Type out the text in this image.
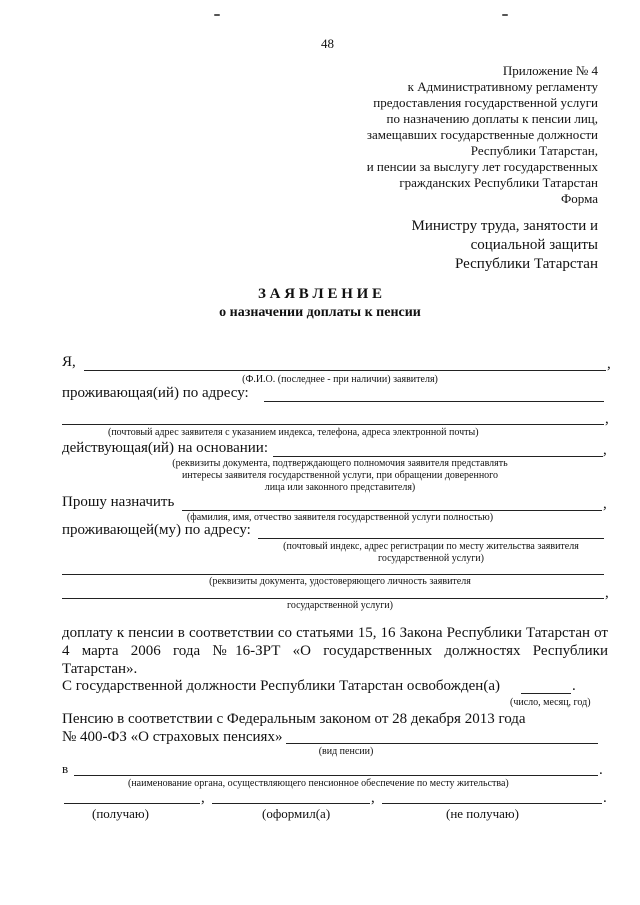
48
Приложение № 4
к Административному регламенту
предоставления государственной услуги
по назначению доплаты к пенсии лиц,
замещавших государственные должности
Республики Татарстан,
и пенсии за выслугу лет государственных
гражданских Республики Татарстан
Форма
Министру труда, занятости и
социальной защиты
Республики Татарстан
З А Я В Л Е Н И Е
о назначении доплаты к пенсии
Я,	,
(Ф.И.О. (последнее - при наличии) заявителя)
проживающая(ий) по адресу:
,
(почтовый адрес заявителя с указанием индекса, телефона, адреса электронной почты)
действующая(ий) на основании:	,
(реквизиты документа, подтверждающего полномочия заявителя представлять
интересы заявителя государственной услуги, при обращении доверенного
лица или законного представителя)
Прошу назначить	,
(фамилия, имя, отчество заявителя государственной услуги полностью)
проживающей(му) по адресу:
(почтовый индекс, адрес регистрации по месту жительства заявителя
государственной услуги)
(реквизиты документа, удостоверяющего личность заявителя
,
государственной услуги)
доплату к пенсии в соответствии со статьями 15, 16 Закона Республики Татарстан от
4 марта 2006 года №16-ЗРТ «О государственных должностях Республики
Татарстан».
С государственной должности Республики Татарстан освобожден(а)	.
(число, месяц, год)
Пенсию в соответствии с Федеральным законом от 28 декабря 2013 года
№ 400-ФЗ «О страховых пенсиях»
(вид пенсии)
в	.
(наименование органа, осуществляющего пенсионное обеспечение по месту жительства)
,	,	.
(получаю)	(оформил(а)	(не получаю)
